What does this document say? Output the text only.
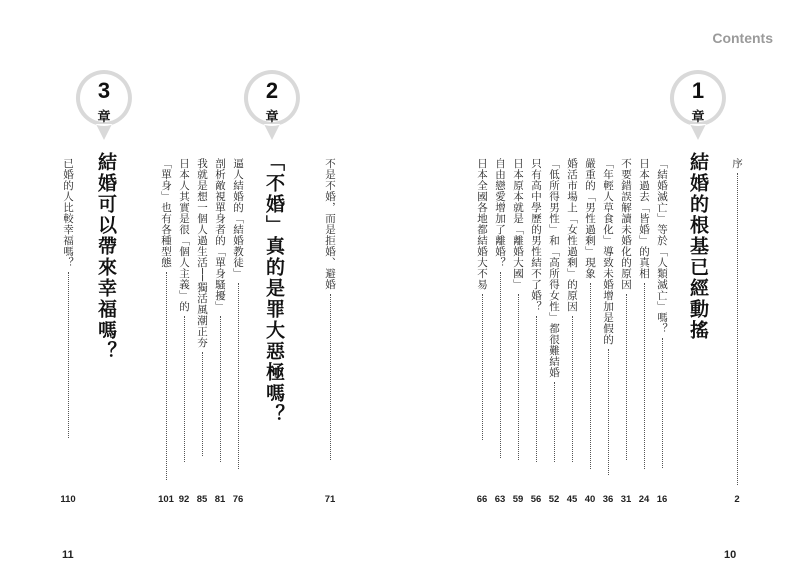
Contents
1
章
2
章
3
章
序
2
結婚的根基已經動搖
「結婚滅亡」等於「人類滅亡」嗎？
16
日本過去「皆婚」的真相
24
不要錯誤解讀未婚化的原因
31
「年輕人草食化」導致未婚增加是假的
36
嚴重的「男性過剩」現象
40
婚活市場上「女性過剩」的原因
45
「低所得男性」和「高所得女性」都很難結婚
52
只有高中學歷的男性結不了婚？
56
日本原本就是「離婚大國」
59
自由戀愛增加了離婚？
63
日本全國各地都結婚大不易
66
不是不婚，而是拒婚、避婚
71
「不婚」真的是罪大惡極嗎？
逼人結婚的「結婚教徒」
76
剖析敵視單身者的「單身騷擾」
81
我就是想一個人過生活──獨活風潮正夯
85
日本人其實是很「個人主義」的
92
「單身」也有各種型態
101
結婚可以帶來幸福嗎？
已婚的人比較幸福嗎？
110
11	10
